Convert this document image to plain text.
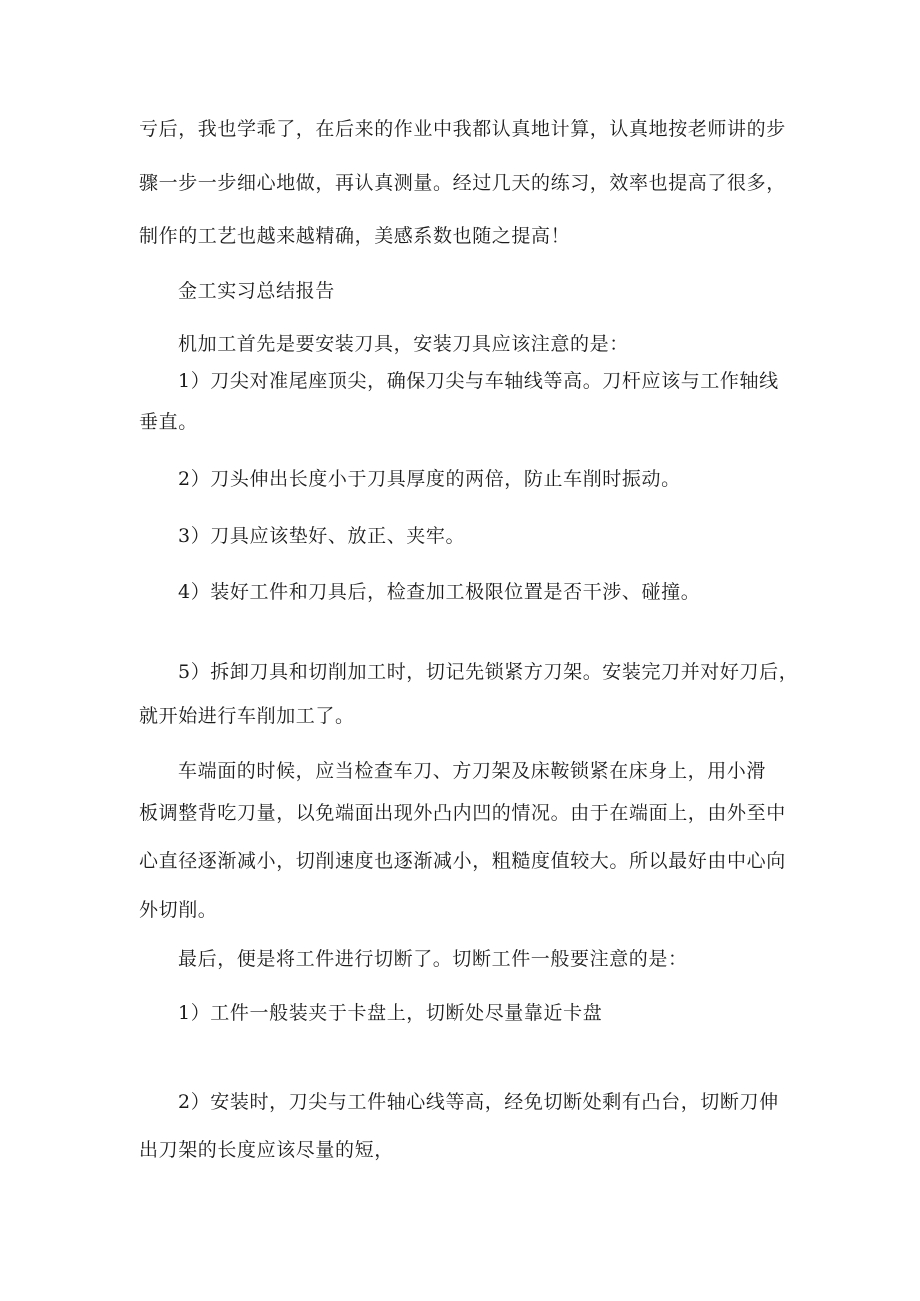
亏后，我也学乖了，在后来的作业中我都认真地计算，认真地按老师讲的步
骤一步一步细心地做，再认真测量。经过几天的练习，效率也提高了很多，
制作的工艺也越来越精确，美感系数也随之提高！
金工实习总结报告
机加工首先是要安装刀具，安装刀具应该注意的是：
1）刀尖对准尾座顶尖，确保刀尖与车轴线等高。刀杆应该与工作轴线
垂直。
2）刀头伸出长度小于刀具厚度的两倍，防止车削时振动。
3）刀具应该垫好、放正、夹牢。
4）装好工件和刀具后，检查加工极限位置是否干涉、碰撞。
5）拆卸刀具和切削加工时，切记先锁紧方刀架。安装完刀并对好刀后，
就开始进行车削加工了。
车端面的时候，应当检查车刀、方刀架及床鞍锁紧在床身上，用小滑
板调整背吃刀量，以免端面出现外凸内凹的情况。由于在端面上，由外至中
心直径逐渐减小，切削速度也逐渐减小，粗糙度值较大。所以最好由中心向
外切削。
最后，便是将工件进行切断了。切断工件一般要注意的是：
1）工件一般装夹于卡盘上，切断处尽量靠近卡盘
2）安装时，刀尖与工件轴心线等高，经免切断处剩有凸台，切断刀伸
出刀架的长度应该尽量的短，
